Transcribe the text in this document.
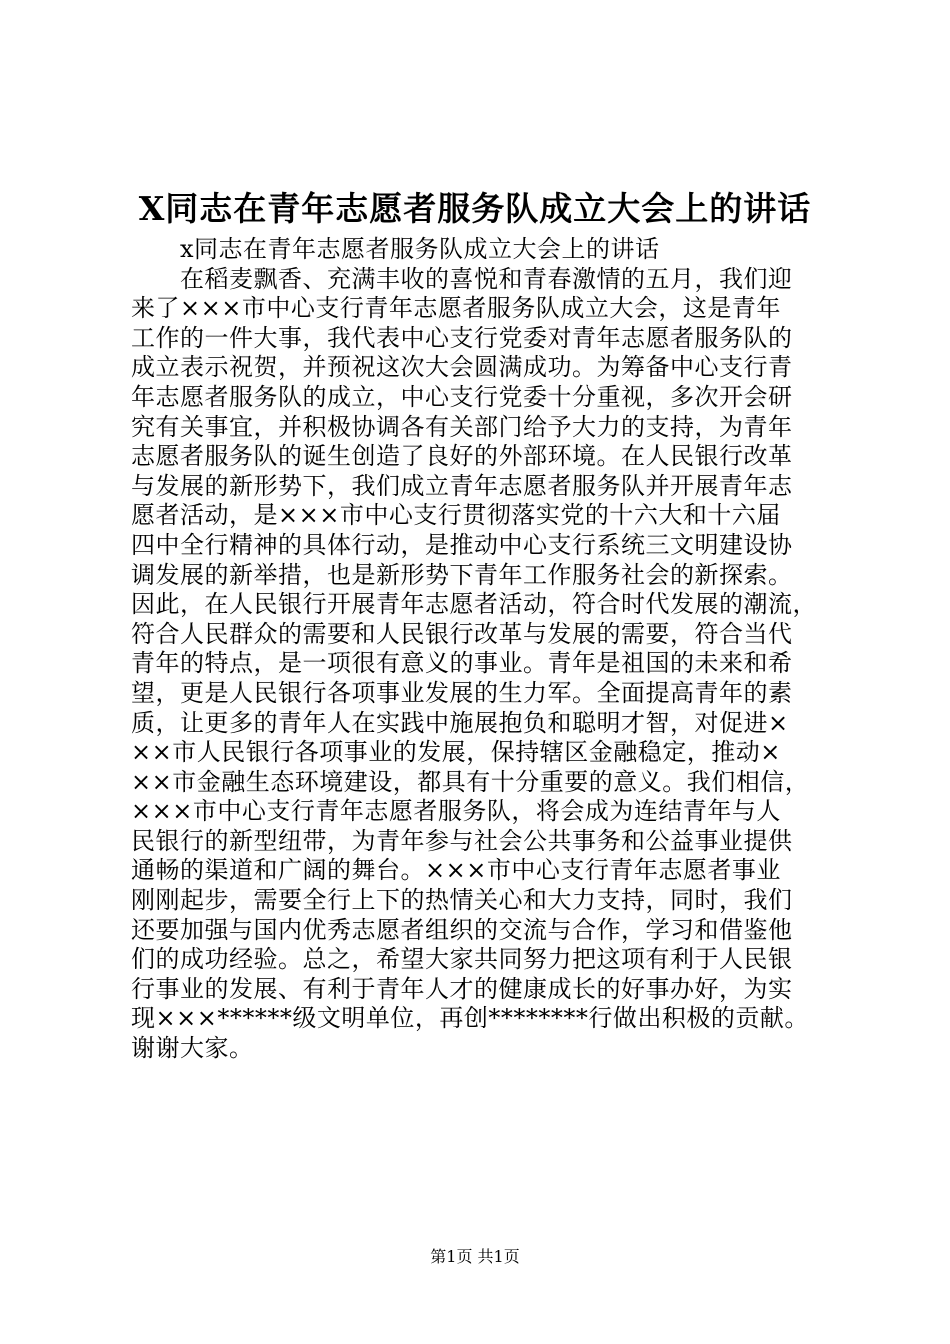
X同志在青年志愿者服务队成立大会上的讲话
　　x同志在青年志愿者服务队成立大会上的讲话
　　在稻麦飘香、充满丰收的喜悦和青春激情的五月，我们迎
来了×××市中心支行青年志愿者服务队成立大会，这是青年
工作的一件大事，我代表中心支行党委对青年志愿者服务队的
成立表示祝贺，并预祝这次大会圆满成功。为筹备中心支行青
年志愿者服务队的成立，中心支行党委十分重视，多次开会研
究有关事宜，并积极协调各有关部门给予大力的支持，为青年
志愿者服务队的诞生创造了良好的外部环境。在人民银行改革
与发展的新形势下，我们成立青年志愿者服务队并开展青年志
愿者活动，是×××市中心支行贯彻落实党的十六大和十六届
四中全行精神的具体行动，是推动中心支行系统三文明建设协
调发展的新举措，也是新形势下青年工作服务社会的新探索。
因此，在人民银行开展青年志愿者活动，符合时代发展的潮流，
符合人民群众的需要和人民银行改革与发展的需要，符合当代
青年的特点，是一项很有意义的事业。青年是祖国的未来和希
望，更是人民银行各项事业发展的生力军。全面提高青年的素
质，让更多的青年人在实践中施展抱负和聪明才智，对促进×
××市人民银行各项事业的发展，保持辖区金融稳定，推动×
××市金融生态环境建设，都具有十分重要的意义。我们相信，
×××市中心支行青年志愿者服务队，将会成为连结青年与人
民银行的新型纽带，为青年参与社会公共事务和公益事业提供
通畅的渠道和广阔的舞台。×××市中心支行青年志愿者事业
刚刚起步，需要全行上下的热情关心和大力支持，同时，我们
还要加强与国内优秀志愿者组织的交流与合作，学习和借鉴他
们的成功经验。总之，希望大家共同努力把这项有利于人民银
行事业的发展、有利于青年人才的健康成长的好事办好，为实
现×××******级文明单位，再创********行做出积极的贡献。
谢谢大家。
第1页 共1页
